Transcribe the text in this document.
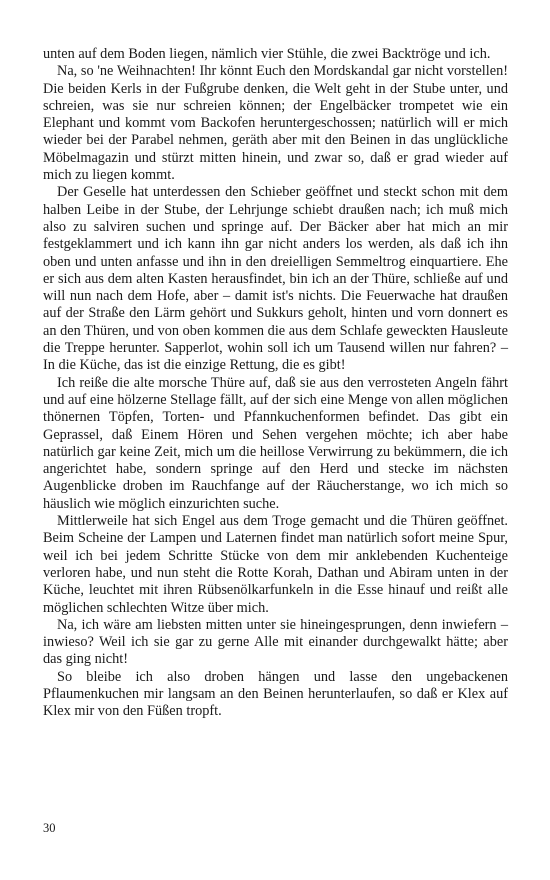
unten auf dem Boden liegen, nämlich vier Stühle, die zwei Backtröge und ich.

Na, so 'ne Weihnachten! Ihr könnt Euch den Mordskandal gar nicht vorstellen! Die beiden Kerls in der Fußgrube denken, die Welt geht in der Stube unter, und schreien, was sie nur schreien können; der Engelbäcker trompetet wie ein Elephant und kommt vom Backofen heruntergeschossen; natürlich will er mich wieder bei der Parabel nehmen, geräth aber mit den Beinen in das unglückliche Möbelmagazin und stürzt mitten hinein, und zwar so, daß er grad wieder auf mich zu liegen kommt.

Der Geselle hat unterdessen den Schieber geöffnet und steckt schon mit dem halben Leibe in der Stube, der Lehrjunge schiebt draußen nach; ich muß mich also zu salviren suchen und springe auf. Der Bäcker aber hat mich an mir festgeklammert und ich kann ihn gar nicht anders los werden, als daß ich ihn oben und unten anfasse und ihn in den dreielligen Semmeltrog einquartiere. Ehe er sich aus dem alten Kasten herausfindet, bin ich an der Thüre, schließe auf und will nun nach dem Hofe, aber – damit ist's nichts. Die Feuerwache hat draußen auf der Straße den Lärm gehört und Sukkurs geholt, hinten und vorn donnert es an den Thüren, und von oben kommen die aus dem Schlafe geweckten Hausleute die Treppe herunter. Sapperlot, wohin soll ich um Tausend willen nur fahren? – In die Küche, das ist die einzige Rettung, die es gibt!

Ich reiße die alte morsche Thüre auf, daß sie aus den verrosteten Angeln fährt und auf eine hölzerne Stellage fällt, auf der sich eine Menge von allen möglichen thönernen Töpfen, Torten- und Pfannkuchenformen befindet. Das gibt ein Geprassel, daß Einem Hören und Sehen vergehen möchte; ich aber habe natürlich gar keine Zeit, mich um die heillose Verwirrung zu bekümmern, die ich angerichtet habe, sondern springe auf den Herd und stecke im nächsten Augenblicke droben im Rauchfange auf der Räucherstange, wo ich mich so häuslich wie möglich einzurichten suche.

Mittlerweile hat sich Engel aus dem Troge gemacht und die Thüren geöffnet. Beim Scheine der Lampen und Laternen findet man natürlich sofort meine Spur, weil ich bei jedem Schritte Stücke von dem mir anklebenden Kuchenteige verloren habe, und nun steht die Rotte Korah, Dathan und Abiram unten in der Küche, leuchtet mit ihren Rübsenölkarfunkeln in die Esse hinauf und reißt alle möglichen schlechten Witze über mich.

Na, ich wäre am liebsten mitten unter sie hineingesprungen, denn inwiefern – inwieso? Weil ich sie gar zu gerne Alle mit einander durchgewalkt hätte; aber das ging nicht!

So bleibe ich also droben hängen und lasse den ungebackenen Pflaumenkuchen mir langsam an den Beinen herunterlaufen, so daß er Klex auf Klex mir von den Füßen tropft.

30
